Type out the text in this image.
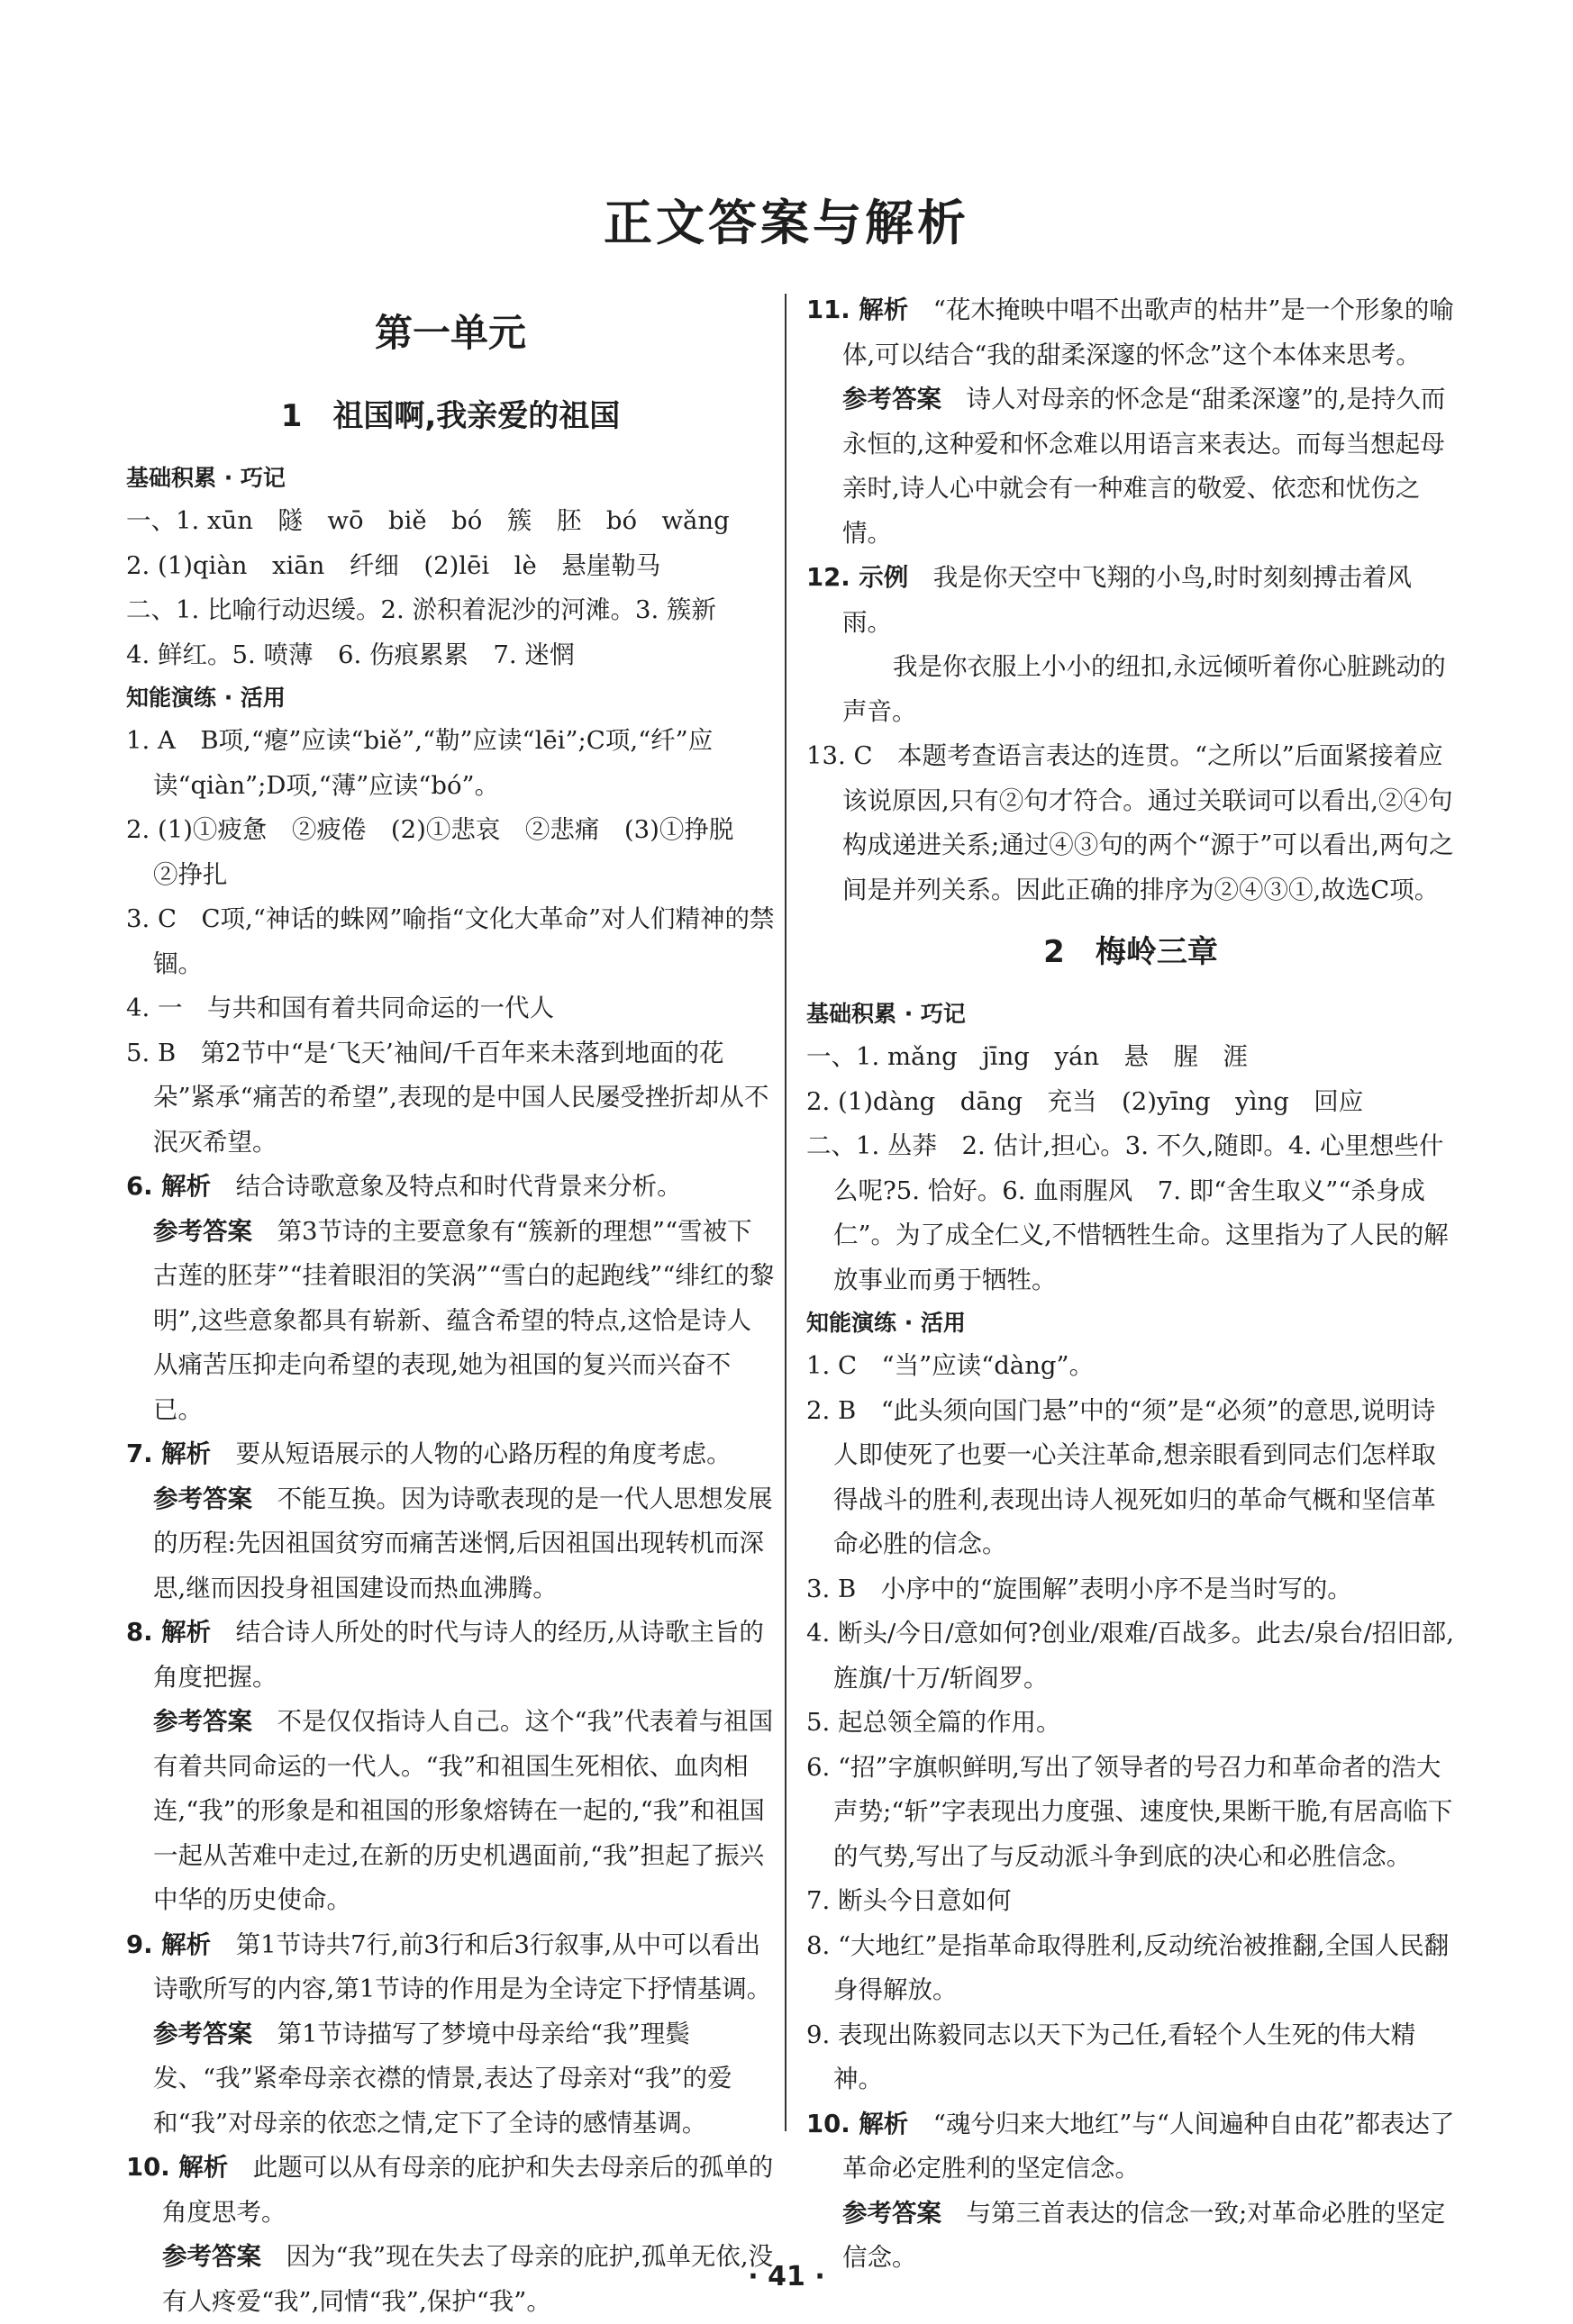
正文答案与解析
第一单元
1 祖国啊,我亲爱的祖国
基础积累 · 巧记

一、1. xūn　隧　wō　biě　bó　簇　胚　bó　wǎng

2. (1)qiàn　xiān　纤细　(2)lēi　lè　悬崖勒马

二、1. 比喻行动迟缓。2. 淤积着泥沙的河滩。3. 簇新

4. 鲜红。5. 喷薄　6. 伤痕累累　7. 迷惘

知能演练 · 活用

1. A　B项,“瘪”应读“biě”,“勒”应读“lēi”;C项,“纤”应读“qiàn”;D项,“薄”应读“bó”。

2. (1)①疲惫　②疲倦　(2)①悲哀　②悲痛　(3)①挣脱　②挣扎

3. C　C项,“神话的蛛网”喻指“文化大革命”对人们精神的禁锢。

4. 一　与共和国有着共同命运的一代人

5. B　第2节中“是‘飞天’袖间/千百年来未落到地面的花朵”紧承“痛苦的希望”,表现的是中国人民屡受挫折却从不泯灭希望。

6. 解析　 结合诗歌意象及特点和时代背景来分析。

参考答案　 第3节诗的主要意象有“簇新的理想”“雪被下古莲的胚芽”“挂着眼泪的笑涡”“雪白的起跑线”“绯红的黎明”,这些意象都具有崭新、蕴含希望的特点,这恰是诗人从痛苦压抑走向希望的表现,她为祖国的复兴而兴奋不已。

7. 解析　 要从短语展示的人物的心路历程的角度考虑。

参考答案　 不能互换。因为诗歌表现的是一代人思想发展的历程:先因祖国贫穷而痛苦迷惘,后因祖国出现转机而深思,继而因投身祖国建设而热血沸腾。

8. 解析　 结合诗人所处的时代与诗人的经历,从诗歌主旨的角度把握。

参考答案　 不是仅仅指诗人自己。这个“我”代表着与祖国有着共同命运的一代人。“我”和祖国生死相依、血肉相连,“我”的形象是和祖国的形象熔铸在一起的,“我”和祖国一起从苦难中走过,在新的历史机遇面前,“我”担起了振兴中华的历史使命。

9. 解析　 第1节诗共7行,前3行和后3行叙事,从中可以看出诗歌所写的内容,第1节诗的作用是为全诗定下抒情基调。

参考答案　 第1节诗描写了梦境中母亲给“我”理鬓发、“我”紧牵母亲衣襟的情景,表达了母亲对“我”的爱和“我”对母亲的依恋之情,定下了全诗的感情基调。

10. 解析　 此题可以从有母亲的庇护和失去母亲后的孤单的角度思考。

参考答案　 因为“我”现在失去了母亲的庇护,孤单无依,没有人疼爱“我”,同情“我”,保护“我”。

11. 解析　 “花木掩映中唱不出歌声的枯井”是一个形象的喻体,可以结合“我的甜柔深邃的怀念”这个本体来思考。

参考答案　 诗人对母亲的怀念是“甜柔深邃”的,是持久而永恒的,这种爱和怀念难以用语言来表达。而每当想起母亲时,诗人心中就会有一种难言的敬爱、依恋和忧伤之情。

12. 示例　 我是你天空中飞翔的小鸟,时时刻刻搏击着风雨。

我是你衣服上小小的纽扣,永远倾听着你心脏跳动的声音。

13. C　本题考查语言表达的连贯。“之所以”后面紧接着应该说原因,只有②句才符合。通过关联词可以看出,②④句构成递进关系;通过④③句的两个“源于”可以看出,两句之间是并列关系。因此正确的排序为②④③①,故选C项。

2 梅岭三章
基础积累 · 巧记

一、1. mǎng　jīng　yán　悬　腥　涯

2. (1)dàng　dāng　充当　(2)yīng　yìng　回应

二、1. 丛莽　2. 估计,担心。3. 不久,随即。4. 心里想些什么呢?5. 恰好。6. 血雨腥风　7. 即“舍生取义”“杀身成仁”。为了成全仁义,不惜牺牲生命。这里指为了人民的解放事业而勇于牺牲。

知能演练 · 活用

1. C　“当”应读“dàng”。

2. B　“此头须向国门悬”中的“须”是“必须”的意思,说明诗人即使死了也要一心关注革命,想亲眼看到同志们怎样取得战斗的胜利,表现出诗人视死如归的革命气概和坚信革命必胜的信念。

3. B　小序中的“旋围解”表明小序不是当时写的。

4. 断头/今日/意如何?创业/艰难/百战多。此去/泉台/招旧部,旌旗/十万/斩阎罗。

5. 起总领全篇的作用。

6. “招”字旗帜鲜明,写出了领导者的号召力和革命者的浩大声势;“斩”字表现出力度强、速度快,果断干脆,有居高临下的气势,写出了与反动派斗争到底的决心和必胜信念。

7. 断头今日意如何

8. “大地红”是指革命取得胜利,反动统治被推翻,全国人民翻身得解放。

9. 表现出陈毅同志以天下为己任,看轻个人生死的伟大精神。

10. 解析　 “魂兮归来大地红”与“人间遍种自由花”都表达了革命必定胜利的坚定信念。

参考答案　 与第三首表达的信念一致;对革命必胜的坚定信念。

· 41 ·
